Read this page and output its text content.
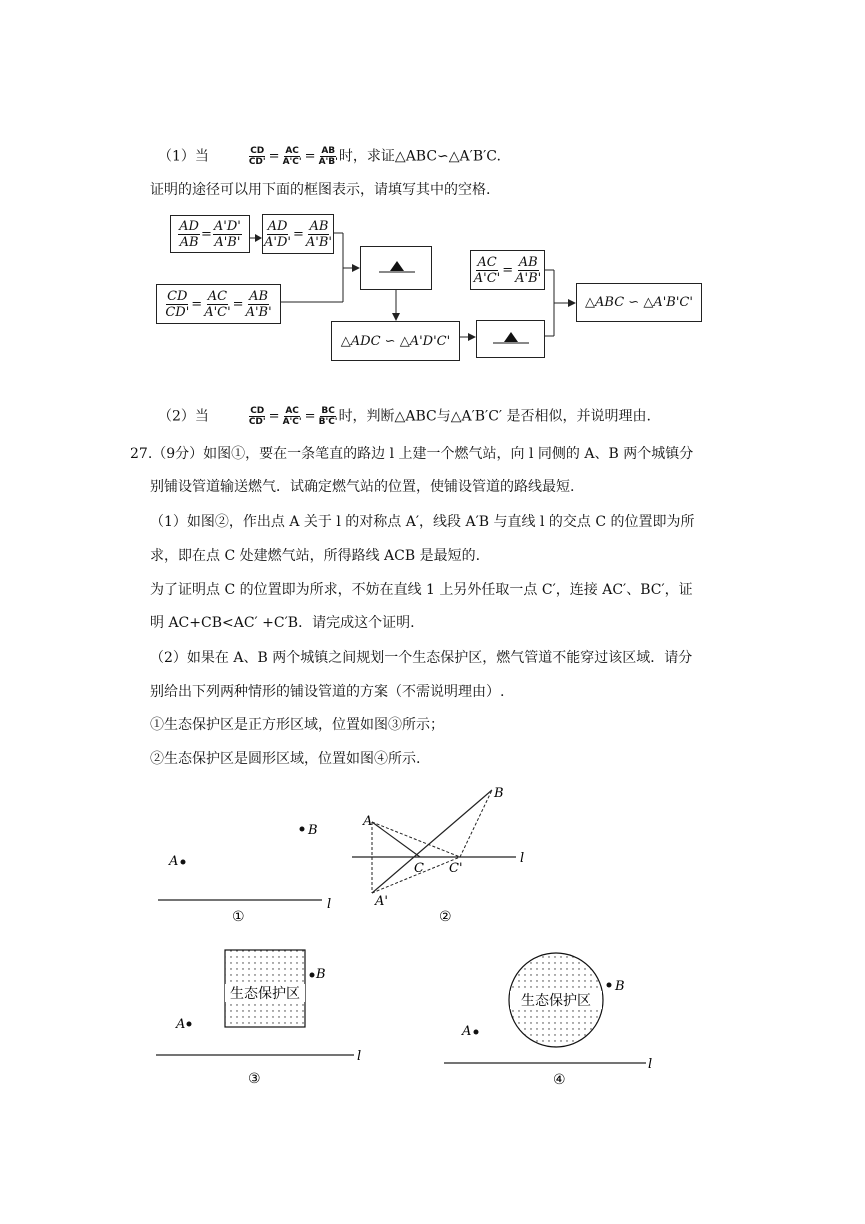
（1）当	$\frac{CD}{CD'} = \frac{AC}{A'C'} = \frac{AB}{A'B'}$ 时，求证△ABC∽△A′B′C.
证明的途径可以用下面的框图表示，请填写其中的空格.
$\frac{AD}{AB} = \frac{A'D'}{A'B'} \frac{AD}{A'D'} = \frac{AB}{A'B'}$
$\frac{CD}{CD'} = \frac{AC}{A'C'} = \frac{AB}{A'B'}$
△ADC ∽ △A'D'C'
$\frac{AC}{A'C'} = \frac{AB}{A'B'}$
△ABC ∽ △A'B'C'
（2）当	$\frac{CD}{CD'} = \frac{AC}{A'C'} = \frac{BC}{B'C'}$ 时，判断△ABC与△A′B′C′ 是否相似，并说明理由.
27.（9分）如图①，要在一条笔直的路边 l 上建一个燃气站，向 l 同侧的 A、B 两个城镇分
别铺设管道输送燃气．试确定燃气站的位置，使铺设管道的路线最短.
（1）如图②，作出点 A 关于 l 的对称点 A′，线段 A′B 与直线 l 的交点 C 的位置即为所
求，即在点 C 处建燃气站，所得路线 ACB 是最短的.
为了证明点 C 的位置即为所求，不妨在直线 1 上另外任取一点 C′，连接 AC′、BC′，证
明 AC+CB<AC′ +C′B．请完成这个证明.
（2）如果在 A、B 两个城镇之间规划一个生态保护区，燃气管道不能穿过该区域．请分
别给出下列两种情形的铺设管道的方案（不需说明理由）.
①生态保护区是正方形区域，位置如图③所示；
②生态保护区是圆形区域，位置如图④所示.
A
B
l
①
A
B
C C'
A'
l
②
生态保护区
A
B
l
③
生态保护区
A
B
l
④
